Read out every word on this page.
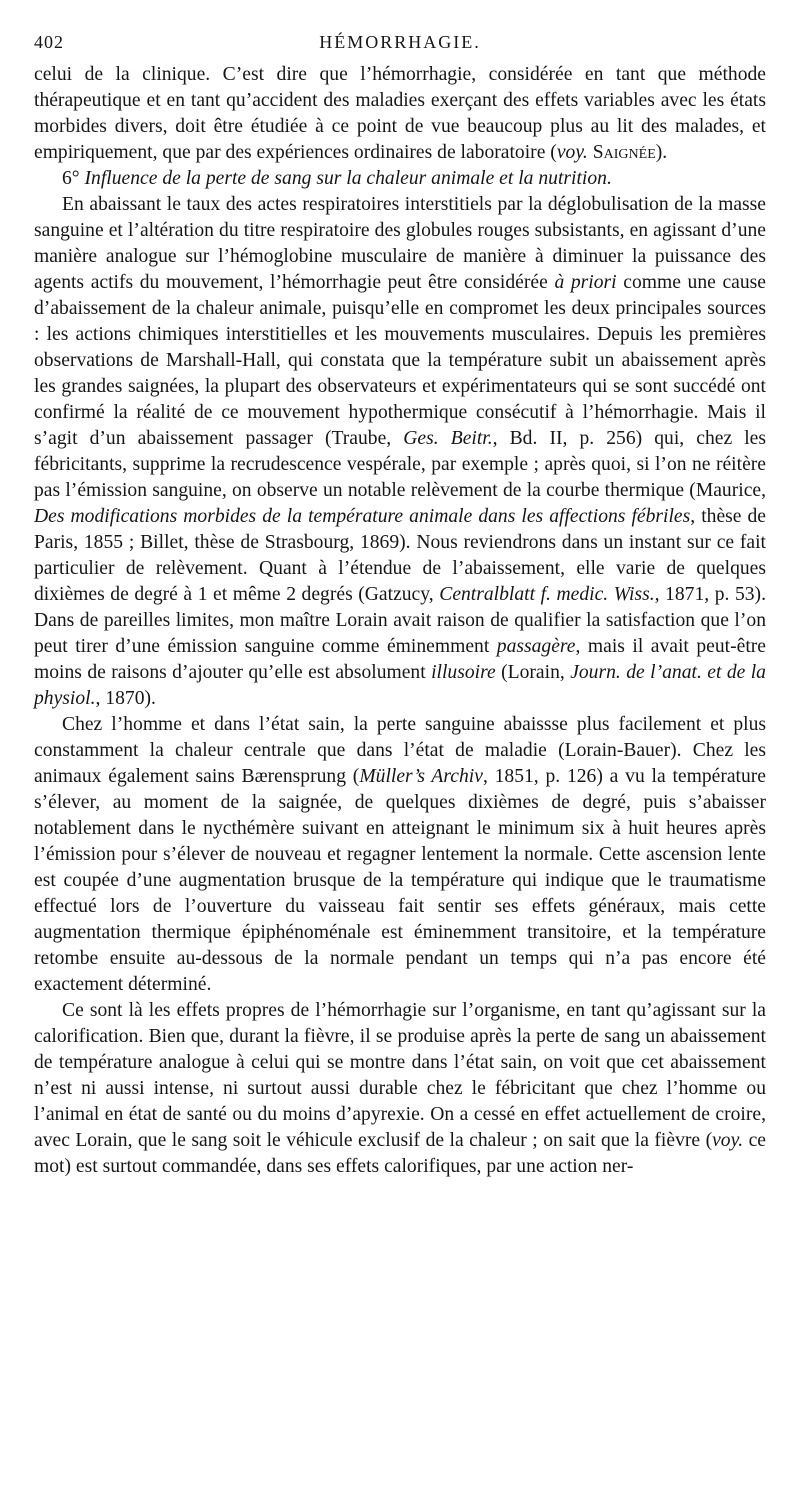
402	HÉMORRHAGIE.

celui de la clinique. C’est dire que l’hémorrhagie, considérée en tant que méthode thérapeutique et en tant qu’accident des maladies exerçant des effets variables avec les états morbides divers, doit être étudiée à ce point de vue beaucoup plus au lit des malades, et empiriquement, que par des expériences ordinaires de laboratoire (voy. Saignée).

6° Influence de la perte de sang sur la chaleur animale et la nutrition.

En abaissant le taux des actes respiratoires interstitiels par la déglobulisation de la masse sanguine et l’altération du titre respiratoire des globules rouges subsistants, en agissant d’une manière analogue sur l’hémoglobine musculaire de manière à diminuer la puissance des agents actifs du mouvement, l’hémorrhagie peut être considérée à priori comme une cause d’abaissement de la chaleur animale, puisqu’elle en compromet les deux principales sources : les actions chimiques interstitielles et les mouvements musculaires. Depuis les premières observations de Marshall-Hall, qui constata que la température subit un abaissement après les grandes saignées, la plupart des observateurs et expérimentateurs qui se sont succédé ont confirmé la réalité de ce mouvement hypothermique consécutif à l’hémorrhagie. Mais il s’agit d’un abaissement passager (Traube, Ges. Beitr., Bd. II, p. 256) qui, chez les fébricitants, supprime la recrudescence vespérale, par exemple ; après quoi, si l’on ne réitère pas l’émission sanguine, on observe un notable relèvement de la courbe thermique (Maurice, Des modifications morbides de la température animale dans les affections fébriles, thèse de Paris, 1855 ; Billet, thèse de Strasbourg, 1869). Nous reviendrons dans un instant sur ce fait particulier de relèvement. Quant à l’étendue de l’abaissement, elle varie de quelques dixièmes de degré à 1 et même 2 degrés (Gatzucy, Centralblatt f. medic. Wiss., 1871, p. 53). Dans de pareilles limites, mon maître Lorain avait raison de qualifier la satisfaction que l’on peut tirer d’une émission sanguine comme éminemment passagère, mais il avait peut-être moins de raisons d’ajouter qu’elle est absolument illusoire (Lorain, Journ. de l’anat. et de la physiol., 1870).

Chez l’homme et dans l’état sain, la perte sanguine abaissse plus facilement et plus constamment la chaleur centrale que dans l’état de maladie (Lorain-Bauer). Chez les animaux également sains Bærensprung (Müller’s Archiv, 1851, p. 126) a vu la température s’élever, au moment de la saignée, de quelques dixièmes de degré, puis s’abaisser notablement dans le nycthémère suivant en atteignant le minimum six à huit heures après l’émission pour s’élever de nouveau et regagner lentement la normale. Cette ascension lente est coupée d’une augmentation brusque de la température qui indique que le traumatisme effectué lors de l’ouverture du vaisseau fait sentir ses effets généraux, mais cette augmentation thermique épiphénoménale est éminemment transitoire, et la température retombe ensuite au-dessous de la normale pendant un temps qui n’a pas encore été exactement déterminé.

Ce sont là les effets propres de l’hémorrhagie sur l’organisme, en tant qu’agissant sur la calorification. Bien que, durant la fièvre, il se produise après la perte de sang un abaissement de température analogue à celui qui se montre dans l’état sain, on voit que cet abaissement n’est ni aussi intense, ni surtout aussi durable chez le fébricitant que chez l’homme ou l’animal en état de santé ou du moins d’apyrexie. On a cessé en effet actuellement de croire, avec Lorain, que le sang soit le véhicule exclusif de la chaleur ; on sait que la fièvre (voy. ce mot) est surtout commandée, dans ses effets calorifiques, par une action ner-
